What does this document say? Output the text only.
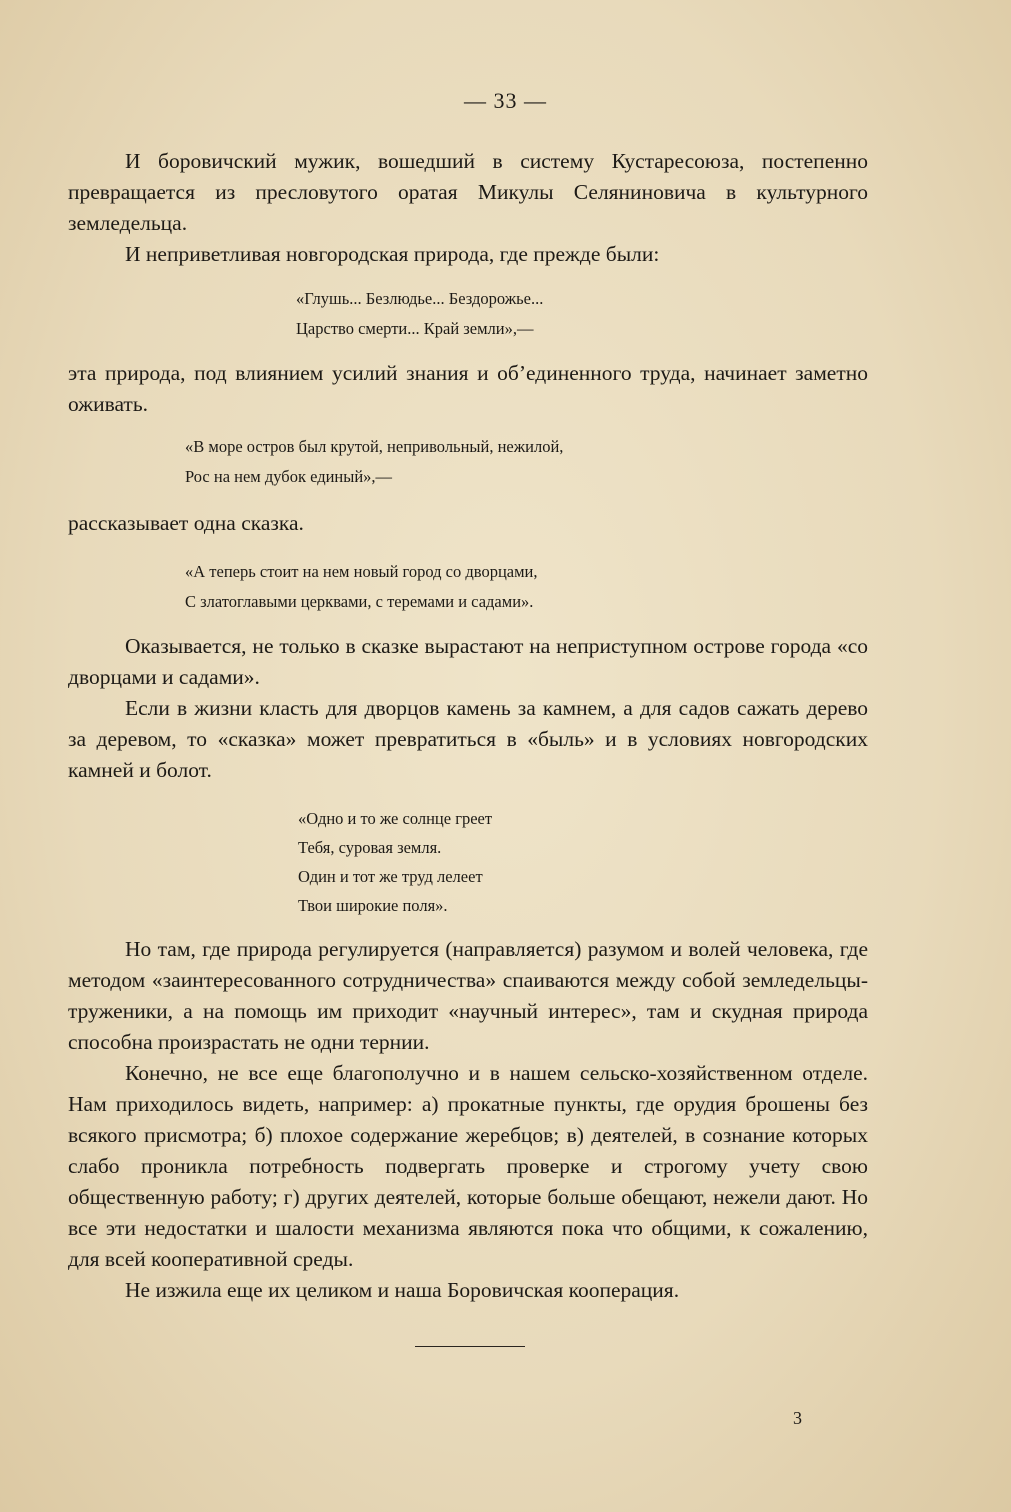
— 33 —

И боровичский мужик, вошедший в систему Кустаресоюза, постепенно превращается из пресловутого оратая Микулы Селяниновича в культурного земледельца.

И неприветливая новгородская природа, где прежде были:

«Глушь... Безлюдье... Бездорожье...
Царство смерти... Край земли»,—

эта природа, под влиянием усилий знания и об’единенного труда, начинает заметно оживать.

«В море остров был крутой, непривольный, нежилой,
Рос на нем дубок единый»,—

рассказывает одна сказка.

«А теперь стоит на нем новый город со дворцами,
С златоглавыми церквами, с теремами и садами».

Оказывается, не только в сказке вырастают на неприступном острове города «со дворцами и садами».

Если в жизни класть для дворцов камень за камнем, а для садов сажать дерево за деревом, то «сказка» может превратиться в «быль» и в условиях новгородских камней и болот.

«Одно и то же солнце греет
Тебя, суровая земля.
Один и тот же труд лелеет
Твои широкие поля».

Но там, где природа регулируется (направляется) разумом и волей человека, где методом «заинтересованного сотрудничества» спаиваются между собой земледельцы-труженики, а на помощь им приходит «научный интерес», там и скудная природа способна произрастать не одни тернии.

Конечно, не все еще благополучно и в нашем сельско-хозяйственном отделе. Нам приходилось видеть, например: а) прокатные пункты, где орудия брошены без всякого присмотра; б) плохое содержание жеребцов; в) деятелей, в сознание которых слабо проникла потребность подвергать проверке и строгому учету свою общественную работу; г) других деятелей, которые больше обещают, нежели дают. Но все эти недостатки и шалости механизма являются пока что общими, к сожалению, для всей кооперативной среды.

Не изжила еще их целиком и наша Боровичская кооперация.

3
